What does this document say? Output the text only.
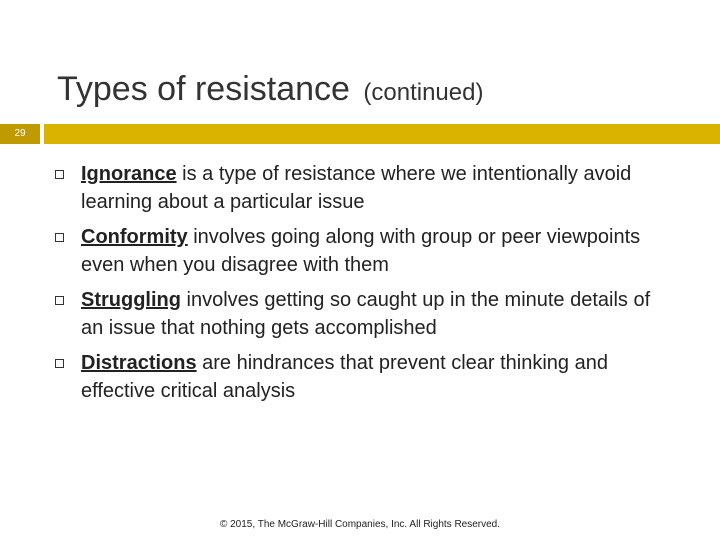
Types of resistance (continued)
29
Ignorance is a type of resistance where we intentionally avoid learning about a particular issue
Conformity involves going along with group or peer viewpoints even when you disagree with them
Struggling involves getting so caught up in the minute details of an issue that nothing gets accomplished
Distractions are hindrances that prevent clear thinking and effective critical analysis
© 2015, The McGraw-Hill Companies, Inc. All Rights Reserved.
